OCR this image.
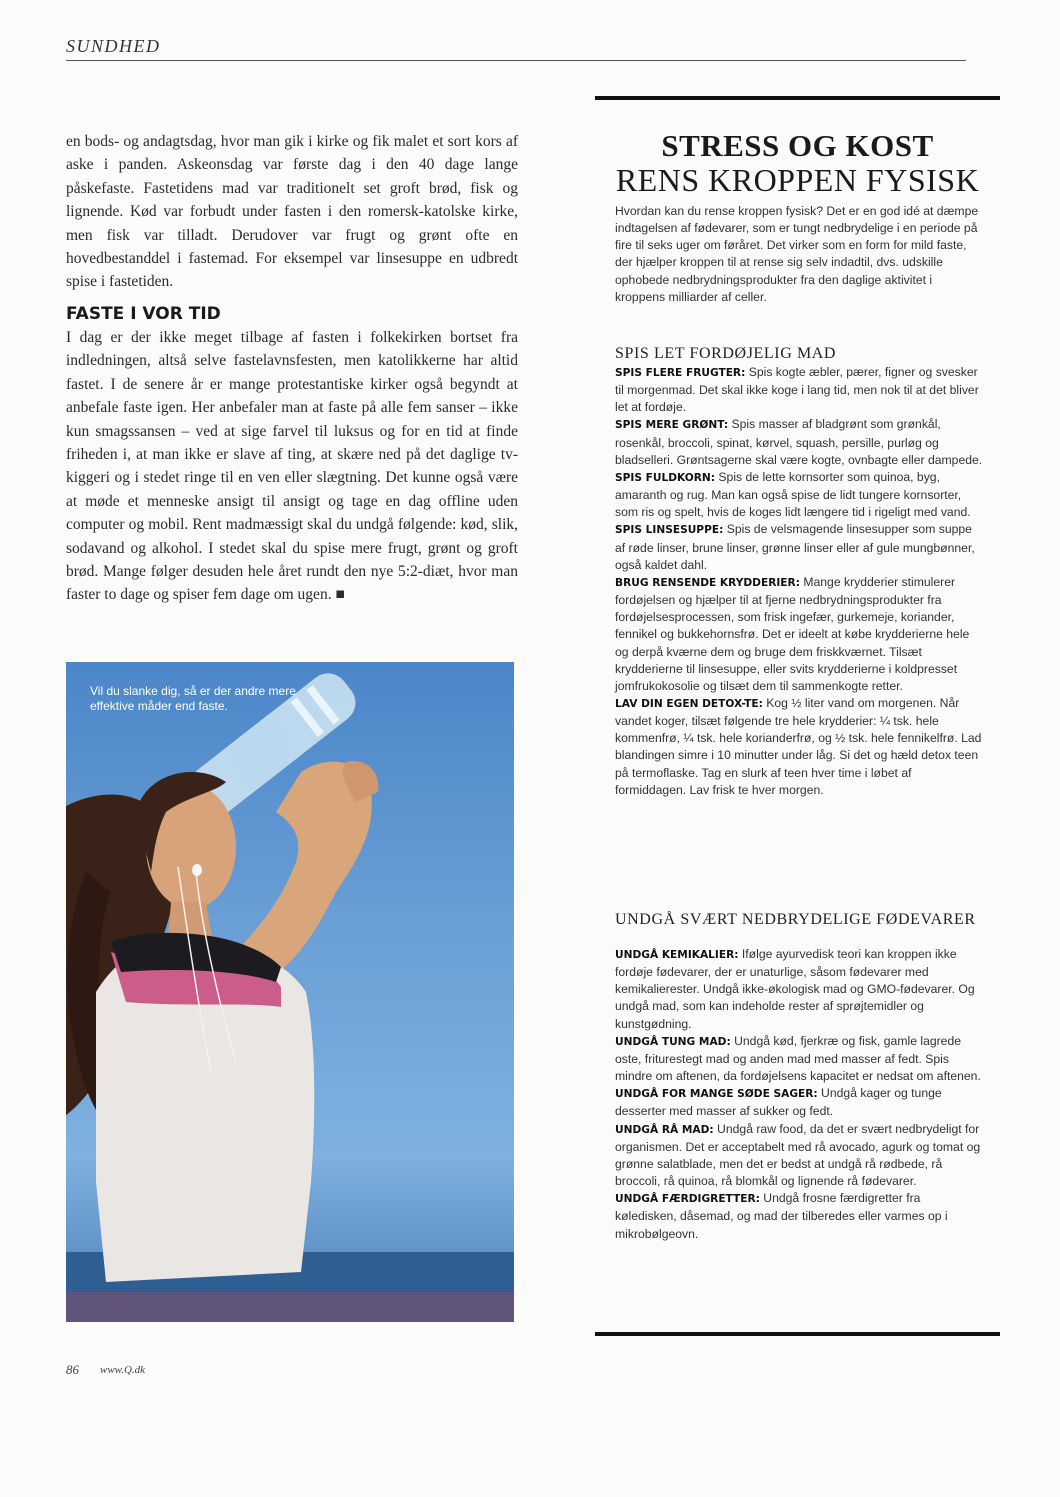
SUNDHED

en bods- og andagtsdag, hvor man gik i kirke og fik malet et sort kors af aske i panden. Askeonsdag var første dag i den 40 dage lange påskefaste. Fastetidens mad var traditionelt set groft brød, fisk og lignende. Kød var forbudt under fasten i den romersk-katolske kirke, men fisk var tilladt. Derudover var frugt og grønt ofte en hovedbestanddel i fastemad. For eksempel var linsesuppe en udbredt spise i fastetiden.

FASTE I VOR TID

I dag er der ikke meget tilbage af fasten i folkekirken bortset fra indledningen, altså selve fastelavnsfesten, men katolikkerne har altid fastet. I de senere år er mange protestantiske kirker også begyndt at anbefale faste igen. Her anbefaler man at faste på alle fem sanser – ikke kun smagssansen – ved at sige farvel til luksus og for en tid at finde friheden i, at man ikke er slave af ting, at skære ned på det daglige tv-kiggeri og i stedet ringe til en ven eller slægtning. Det kunne også være at møde et menneske ansigt til ansigt og tage en dag offline uden computer og mobil. Rent madmæssigt skal du undgå følgende: kød, slik, sodavand og alkohol. I stedet skal du spise mere frugt, grønt og groft brød. Mange følger desuden hele året rundt den nye 5:2-diæt, hvor man faster to dage og spiser fem dage om ugen. ■

Vil du slanke dig, så er der andre mere effektive måder end faste.
STRESS OG KOST
RENS KROPPEN FYSISK

Hvordan kan du rense kroppen fysisk? Det er en god idé at dæmpe indtagelsen af fødevarer, som er tungt nedbrydelige i en periode på fire til seks uger om føråret. Det virker som en form for mild faste, der hjælper kroppen til at rense sig selv indadtil, dvs. udskille ophobede nedbrydningsprodukter fra den daglige aktivitet i kroppens milliarder af celler.

SPIS LET FORDØJELIG MAD

SPIS FLERE FRUGTER: Spis kogte æbler, pærer, figner og svesker til morgenmad. Det skal ikke koge i lang tid, men nok til at det bliver let at fordøje.

SPIS MERE GRØNT: Spis masser af bladgrønt som grønkål, rosenkål, broccoli, spinat, kørvel, squash, persille, purløg og bladselleri. Grøntsagerne skal være kogte, ovnbagte eller dampede.

SPIS FULDKORN: Spis de lette kornsorter som quinoa, byg, amaranth og rug. Man kan også spise de lidt tungere kornsorter, som ris og spelt, hvis de koges lidt længere tid i rigeligt med vand.

SPIS LINSESUPPE: Spis de velsmagende linsesupper som suppe af røde linser, brune linser, grønne linser eller af gule mungbønner, også kaldet dahl.

BRUG RENSENDE KRYDDERIER: Mange krydderier stimulerer fordøjelsen og hjælper til at fjerne nedbrydningsprodukter fra fordøjelsesprocessen, som frisk ingefær, gurkemeje, koriander, fennikel og bukkehornsfrø. Det er ideelt at købe krydderierne hele og derpå kværne dem og bruge dem friskkværnet. Tilsæt krydderierne til linsesuppe, eller svits krydderierne i koldpresset jomfrukokosolie og tilsæt dem til sammenkogte retter.

LAV DIN EGEN DETOX-TE: Kog ½ liter vand om morgenen. Når vandet koger, tilsæt følgende tre hele krydderier: ¼ tsk. hele kommenfrø, ¼ tsk. hele korianderfrø, og ½ tsk. hele fennikelfrø. Lad blandingen simre i 10 minutter under låg. Si det og hæld detox teen på termoflaske. Tag en slurk af teen hver time i løbet af formiddagen. Lav frisk te hver morgen.

UNDGÅ SVÆRT NEDBRYDELIGE FØDEVARER

UNDGÅ KEMIKALIER: Ifølge ayurvedisk teori kan kroppen ikke fordøje fødevarer, der er unaturlige, såsom fødevarer med kemikalierester. Undgå ikke-økologisk mad og GMO-fødevarer. Og undgå mad, som kan indeholde rester af sprøjtemidler og kunstgødning.

UNDGÅ TUNG MAD: Undgå kød, fjerkræ og fisk, gamle lagrede oste, friturestegt mad og anden mad med masser af fedt. Spis mindre om aftenen, da fordøjelsens kapacitet er nedsat om aftenen.

UNDGÅ FOR MANGE SØDE SAGER: Undgå kager og tunge desserter med masser af sukker og fedt.

UNDGÅ RÅ MAD: Undgå raw food, da det er svært nedbrydeligt for organismen. Det er acceptabelt med rå avocado, agurk og tomat og grønne salatblade, men det er bedst at undgå rå rødbede, rå broccoli, rå quinoa, rå blomkål og lignende rå fødevarer.

UNDGÅ FÆRDIGRETTER: Undgå frosne færdigretter fra køledisken, dåsemad, og mad der tilberedes eller varmes op i mikrobølgeovn.

86 www.Q.dk
